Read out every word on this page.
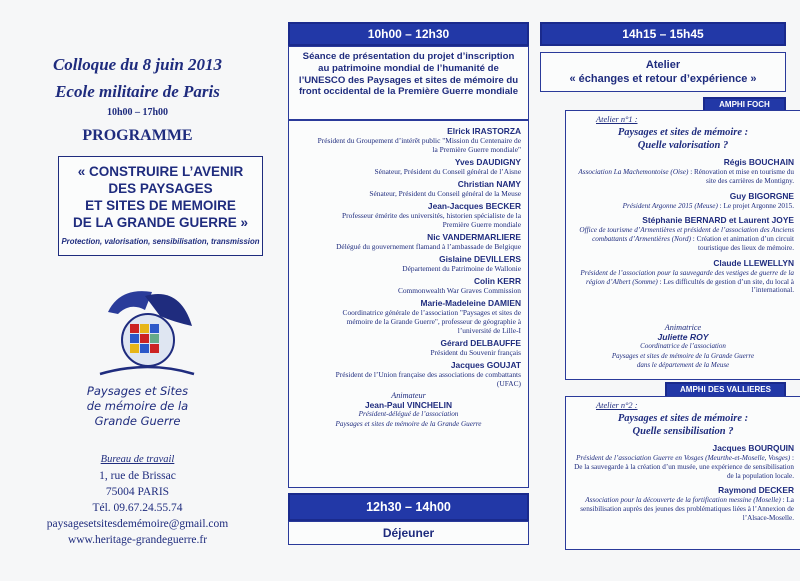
Colloque du 8 juin 2013
Ecole militaire de Paris
10h00 – 17h00
PROGRAMME
« CONSTRUIRE L’AVENIR
DES PAYSAGES
ET SITES DE MEMOIRE
DE LA GRANDE GUERRE »
Protection, valorisation, sensibilisation, transmission
Paysages et Sites
de mémoire de la
Grande Guerre
Bureau de travail
1, rue de Brissac
75004 PARIS
Tél. 09.67.24.55.74
paysagesetsitesdemémoire@gmail.com
www.heritage-grandeguerre.fr
10h00 – 12h30
Séance de présentation du projet d’inscription au patrimoine mondial de l’humanité de l’UNESCO des Paysages et sites de mémoire du front occidental de la Première Guerre mondiale
Elrick IRASTORZA
Président du Groupement d’intérêt public "Mission du Centenaire de la Première Guerre mondiale"
Yves DAUDIGNY
Sénateur, Président du Conseil général de l’Aisne
Christian NAMY
Sénateur, Président du Conseil général de la Meuse
Jean-Jacques BECKER
Professeur émérite des universités, historien spécialiste de la Première Guerre mondiale
Nic VANDERMARLIERE
Délégué du gouvernement flamand à l’ambassade de Belgique
Gislaine DEVILLERS
Département du Patrimoine de Wallonie
Colin KERR
Commonwealth War Graves Commission
Marie-Madeleine DAMIEN
Coordinatrice générale de l’association "Paysages et sites de mémoire de la Grande Guerre", professeur de géographie à l’université de Lille-I
Gérard DELBAUFFE
Président du Souvenir français
Jacques GOUJAT
Président de l’Union française des associations de combattants (UFAC)
Animateur
Jean-Paul VINCHELIN
Président-délégué de l’association
Paysages et sites de mémoire de la Grande Guerre
12h30 – 14h00
Déjeuner
14h15 – 15h45
Atelier
« échanges et retour d’expérience »
AMPHI FOCH
Atelier n°1 :
Paysages et sites de mémoire :
Quelle valorisation ?
Régis BOUCHAIN
Association La Machemontoise (Oise) : Rénovation et mise en tourisme du site des carrières de Montigny.
Guy BIGORGNE
Président Argonne 2015 (Meuse) : Le projet Argonne 2015.
Stéphanie BERNARD et Laurent JOYE
Office de tourisme d’Armentières et président de l’association des Anciens combattants d’Armentières (Nord) : Création et animation d’un circuit touristique des lieux de mémoire.
Claude LLEWELLYN
Président de l’association pour la sauvegarde des vestiges de guerre de la région d’Albert (Somme) : Les difficultés de gestion d’un site, du local à l’international.
Animatrice
Juliette ROY
Coordinatrice de l’association
Paysages et sites de mémoire de la Grande Guerre
dans le département de la Meuse
AMPHI DES VALLIERES
Atelier n°2 :
Paysages et sites de mémoire :
Quelle sensibilisation ?
Jacques BOURQUIN
Président de l’association Guerre en Vosges (Meurthe-et-Moselle, Vosges) : De la sauvegarde à la création d’un musée, une expérience de sensibilisation de la population locale.
Raymond DECKER
Association pour la découverte de la fortification messine (Moselle) : La sensibilisation auprès des jeunes des problématiques liées à l’Annexion de l’Alsace-Moselle.
